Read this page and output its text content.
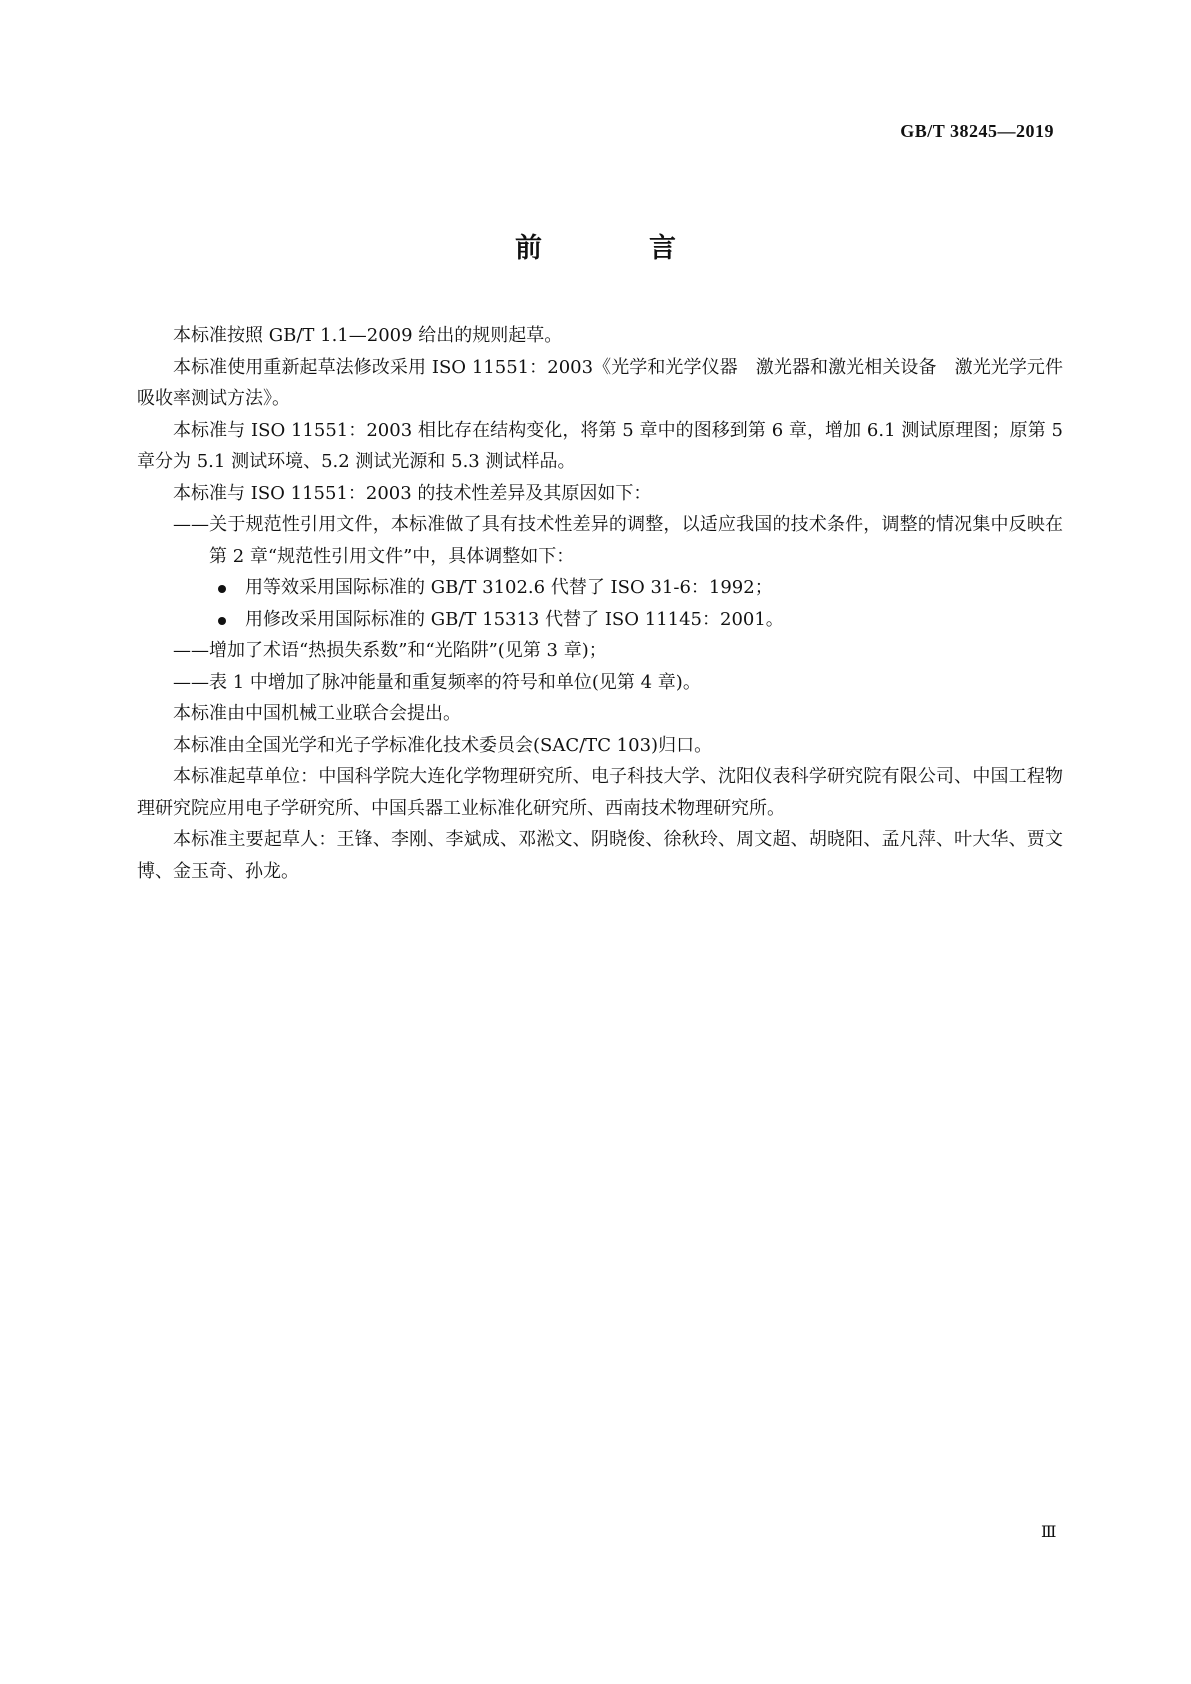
GB/T 38245—2019
前　言

本标准按照 GB/T 1.1—2009 给出的规则起草。

本标准使用重新起草法修改采用 ISO 11551：2003《光学和光学仪器　激光器和激光相关设备　激光光学元件吸收率测试方法》。

本标准与 ISO 11551：2003 相比存在结构变化，将第 5 章中的图移到第 6 章，增加 6.1 测试原理图；原第 5 章分为 5.1 测试环境、5.2 测试光源和 5.3 测试样品。

本标准与 ISO 11551：2003 的技术性差异及其原因如下：

——关于规范性引用文件，本标准做了具有技术性差异的调整，以适应我国的技术条件，调整的情况集中反映在第 2 章“规范性引用文件”中，具体调整如下：

用等效采用国际标准的 GB/T 3102.6 代替了 ISO 31-6：1992；

用修改采用国际标准的 GB/T 15313 代替了 ISO 11145：2001。

——增加了术语“热损失系数”和“光陷阱”(见第 3 章)；

——表 1 中增加了脉冲能量和重复频率的符号和单位(见第 4 章)。

本标准由中国机械工业联合会提出。

本标准由全国光学和光子学标准化技术委员会(SAC/TC 103)归口。

本标准起草单位：中国科学院大连化学物理研究所、电子科技大学、沈阳仪表科学研究院有限公司、中国工程物理研究院应用电子学研究所、中国兵器工业标准化研究所、西南技术物理研究所。

本标准主要起草人：王锋、李刚、李斌成、邓淞文、阴晓俊、徐秋玲、周文超、胡晓阳、孟凡萍、叶大华、贾文博、金玉奇、孙龙。

Ⅲ
